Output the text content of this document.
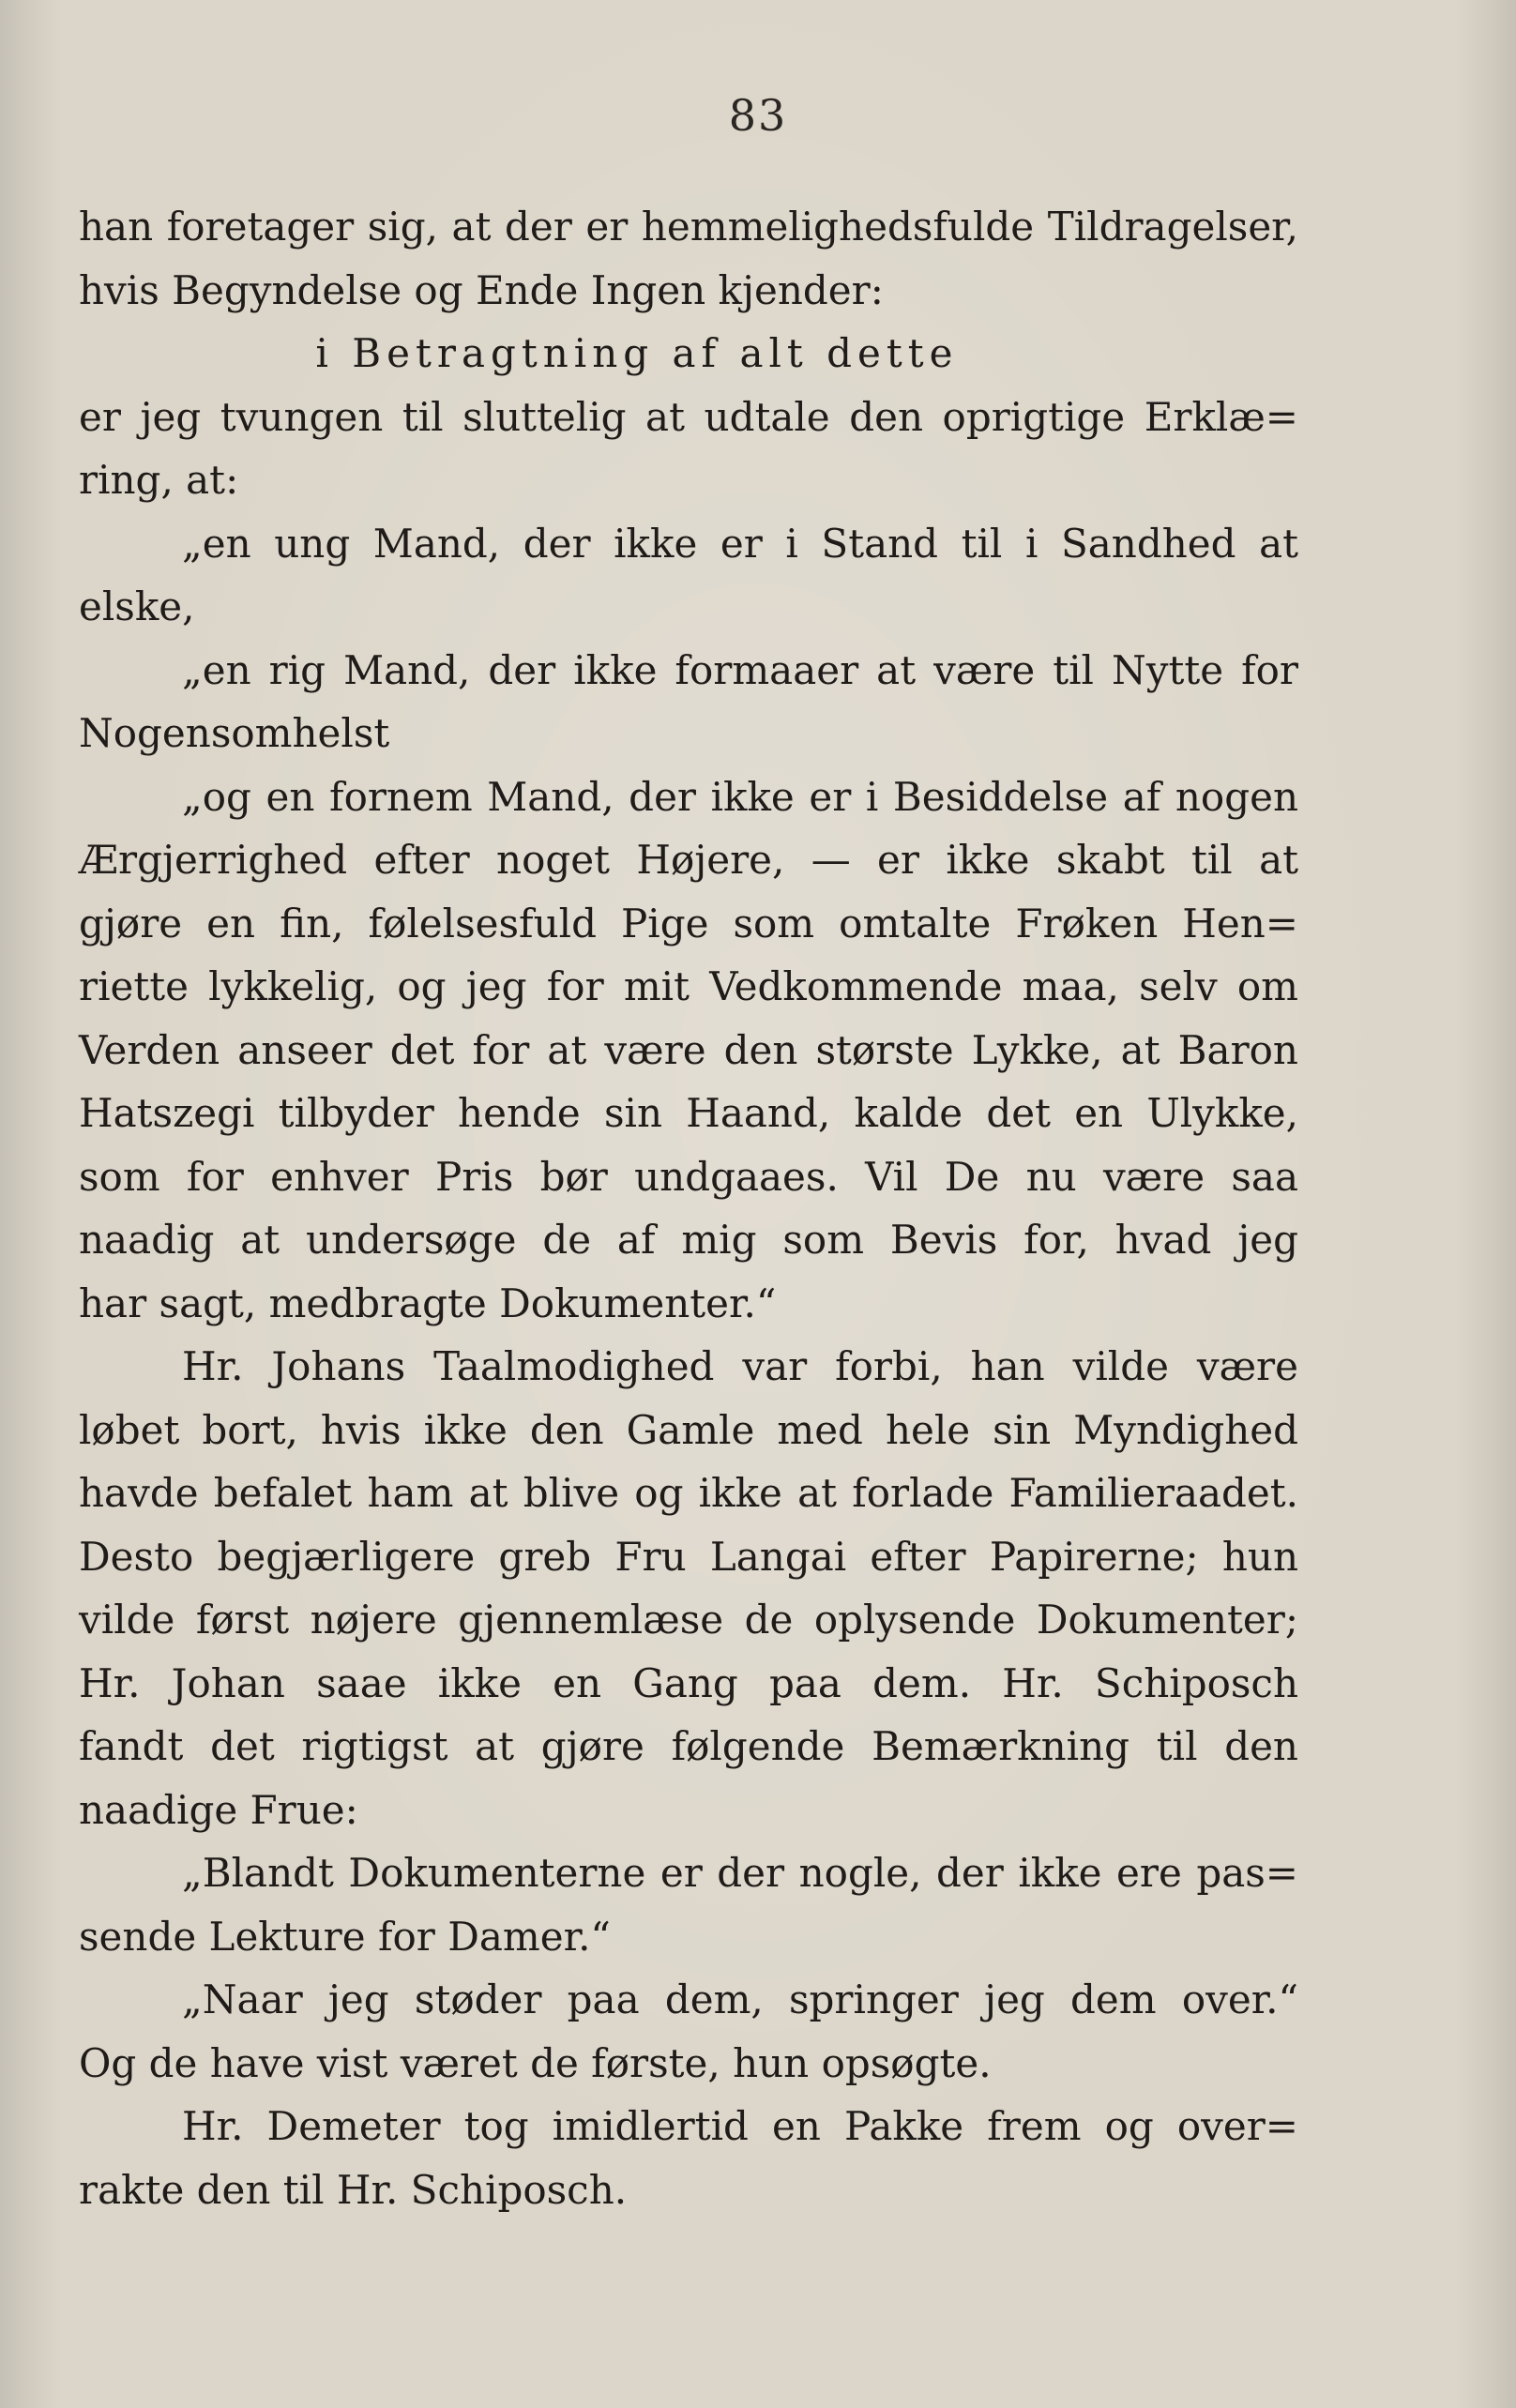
83
han foretager sig, at der er hemmelighedsfulde Tildragelser,
hvis Begyndelse og Ende Ingen kjender:
i Betragtning af alt dette
er jeg tvungen til sluttelig at udtale den oprigtige Erklæ=
ring, at:
„en ung Mand, der ikke er i Stand til i Sandhed at
elske,
„en rig Mand, der ikke formaaer at være til Nytte for
Nogensomhelst
„og en fornem Mand, der ikke er i Besiddelse af nogen
Ærgjerrighed efter noget Højere, — er ikke skabt til at
gjøre en fin, følelsesfuld Pige som omtalte Frøken Hen=
riette lykkelig, og jeg for mit Vedkommende maa, selv om
Verden anseer det for at være den største Lykke, at Baron
Hatszegi tilbyder hende sin Haand, kalde det en Ulykke,
som for enhver Pris bør undgaaes. Vil De nu være saa
naadig at undersøge de af mig som Bevis for, hvad jeg
har sagt, medbragte Dokumenter.“
Hr. Johans Taalmodighed var forbi, han vilde være
løbet bort, hvis ikke den Gamle med hele sin Myndighed
havde befalet ham at blive og ikke at forlade Familieraadet.
Desto begjærligere greb Fru Langai efter Papirerne; hun
vilde først nøjere gjennemlæse de oplysende Dokumenter;
Hr. Johan saae ikke en Gang paa dem. Hr. Schiposch
fandt det rigtigst at gjøre følgende Bemærkning til den
naadige Frue:
„Blandt Dokumenterne er der nogle, der ikke ere pas=
sende Lekture for Damer.“
„Naar jeg støder paa dem, springer jeg dem over.“
Og de have vist været de første, hun opsøgte.
Hr. Demeter tog imidlertid en Pakke frem og over=
rakte den til Hr. Schiposch.
